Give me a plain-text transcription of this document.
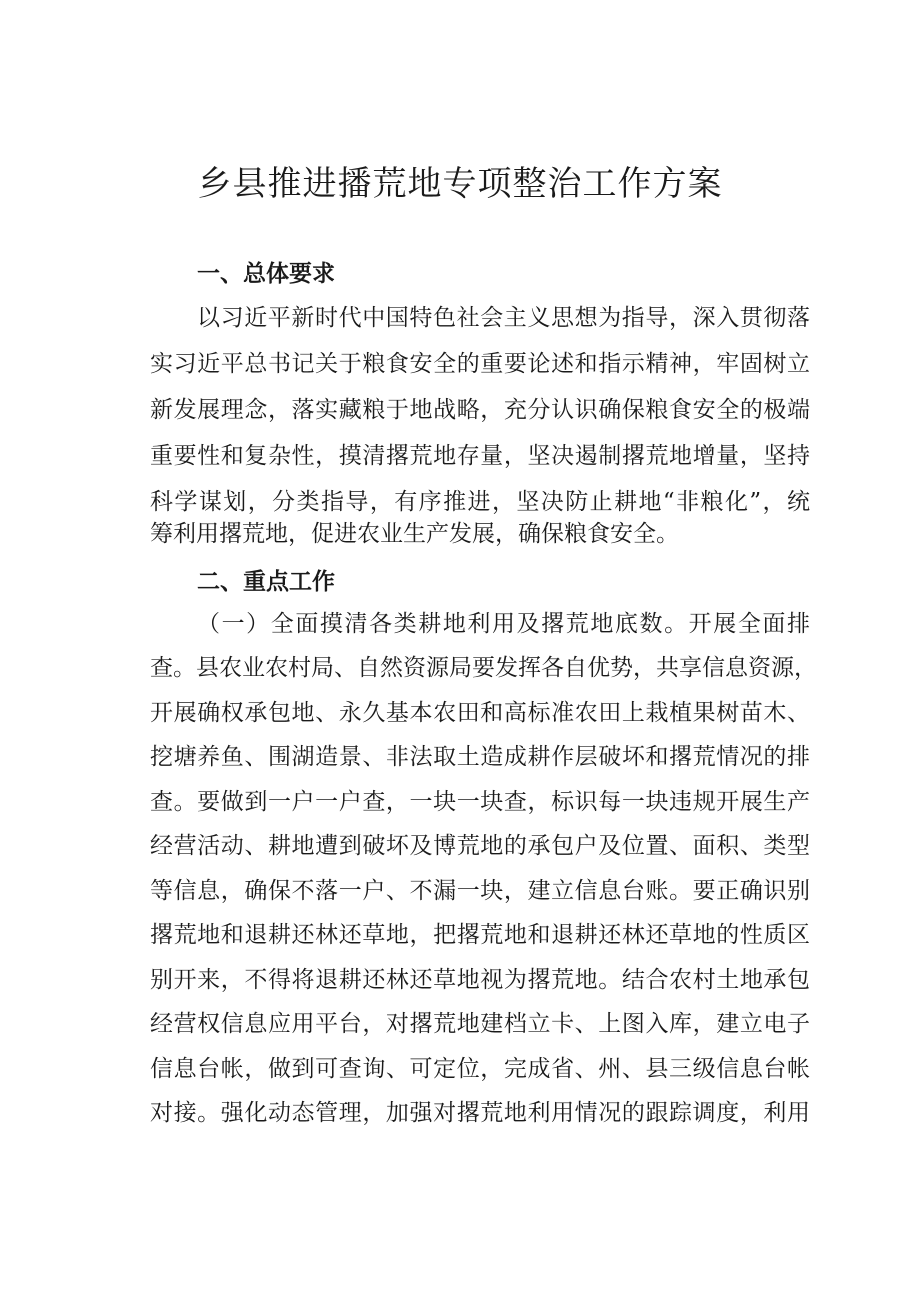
乡县推进播荒地专项整治工作方案
一、总体要求

以习近平新时代中国特色社会主义思想为指导，深入贯彻落

实习近平总书记关于粮食安全的重要论述和指示精神，牢固树立

新发展理念，落实藏粮于地战略，充分认识确保粮食安全的极端

重要性和复杂性，摸清撂荒地存量，坚决遏制撂荒地增量，坚持

科学谋划，分类指导，有序推进，坚决防止耕地“非粮化”，统

筹利用撂荒地，促进农业生产发展，确保粮食安全。

二、重点工作

（一）全面摸清各类耕地利用及撂荒地底数。开展全面排

查。县农业农村局、自然资源局要发挥各自优势，共享信息资源，

开展确权承包地、永久基本农田和高标准农田上栽植果树苗木、

挖塘养鱼、围湖造景、非法取土造成耕作层破坏和撂荒情况的排

查。要做到一户一户查，一块一块查，标识每一块违规开展生产

经营活动、耕地遭到破坏及博荒地的承包户及位置、面积、类型

等信息，确保不落一户、不漏一块，建立信息台账。要正确识别

撂荒地和退耕还林还草地，把撂荒地和退耕还林还草地的性质区

别开来，不得将退耕还林还草地视为撂荒地。结合农村土地承包

经营权信息应用平台，对撂荒地建档立卡、上图入库，建立电子

信息台帐，做到可查询、可定位，完成省、州、县三级信息台帐

对接。强化动态管理，加强对撂荒地利用情况的跟踪调度，利用
